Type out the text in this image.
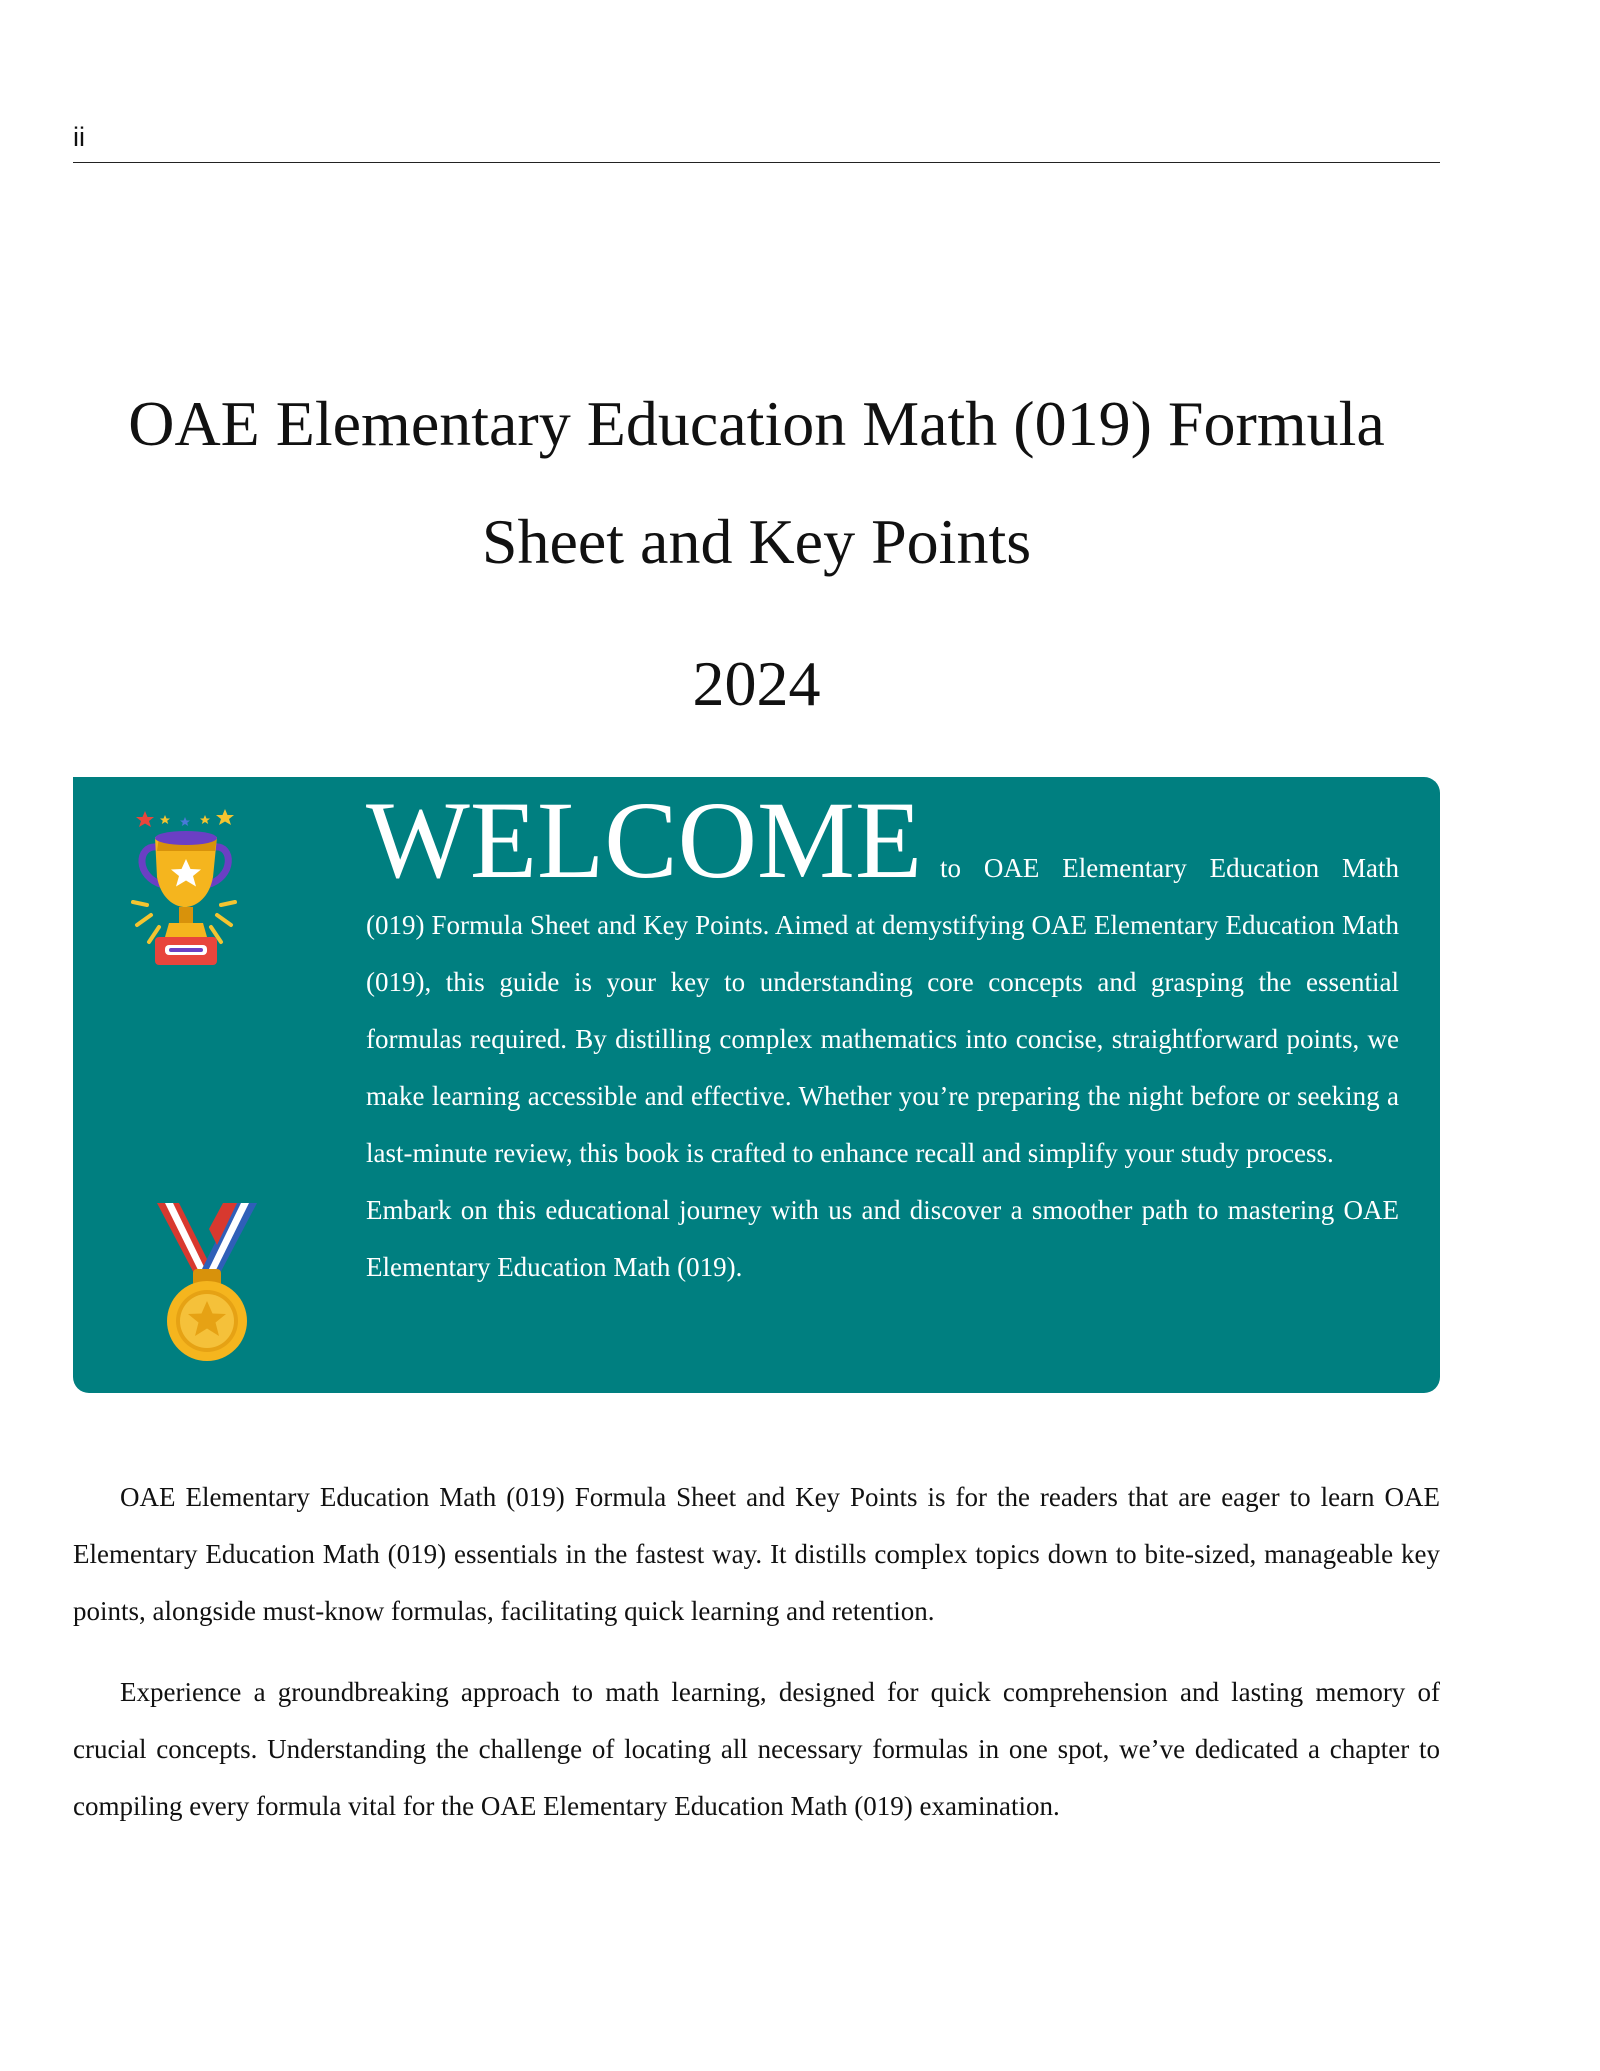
ii
OAE Elementary Education Math (019) Formula
Sheet and Key Points
2024

WELCOME to OAE Elementary Education Math (019) Formula Sheet and Key Points. Aimed at demystifying OAE Elementary Education Math (019), this guide is your key to understanding core concepts and grasping the essential formulas required. By distilling complex mathematics into concise, straightforward points, we make learning accessible and effective. Whether you’re preparing the night before or seeking a last-minute review, this book is crafted to enhance recall and simplify your study process.

Embark on this educational journey with us and discover a smoother path to mastering OAE Elementary Education Math (019).

OAE Elementary Education Math (019) Formula Sheet and Key Points is for the readers that are eager to learn OAE Elementary Education Math (019) essentials in the fastest way. It distills complex topics down to bite-sized, manageable key points, alongside must-know formulas, facilitating quick learning and retention.

Experience a groundbreaking approach to math learning, designed for quick comprehension and lasting memory of crucial concepts. Understanding the challenge of locating all necessary formulas in one spot, we’ve dedicated a chapter to compiling every formula vital for the OAE Elementary Education Math (019) examination.
